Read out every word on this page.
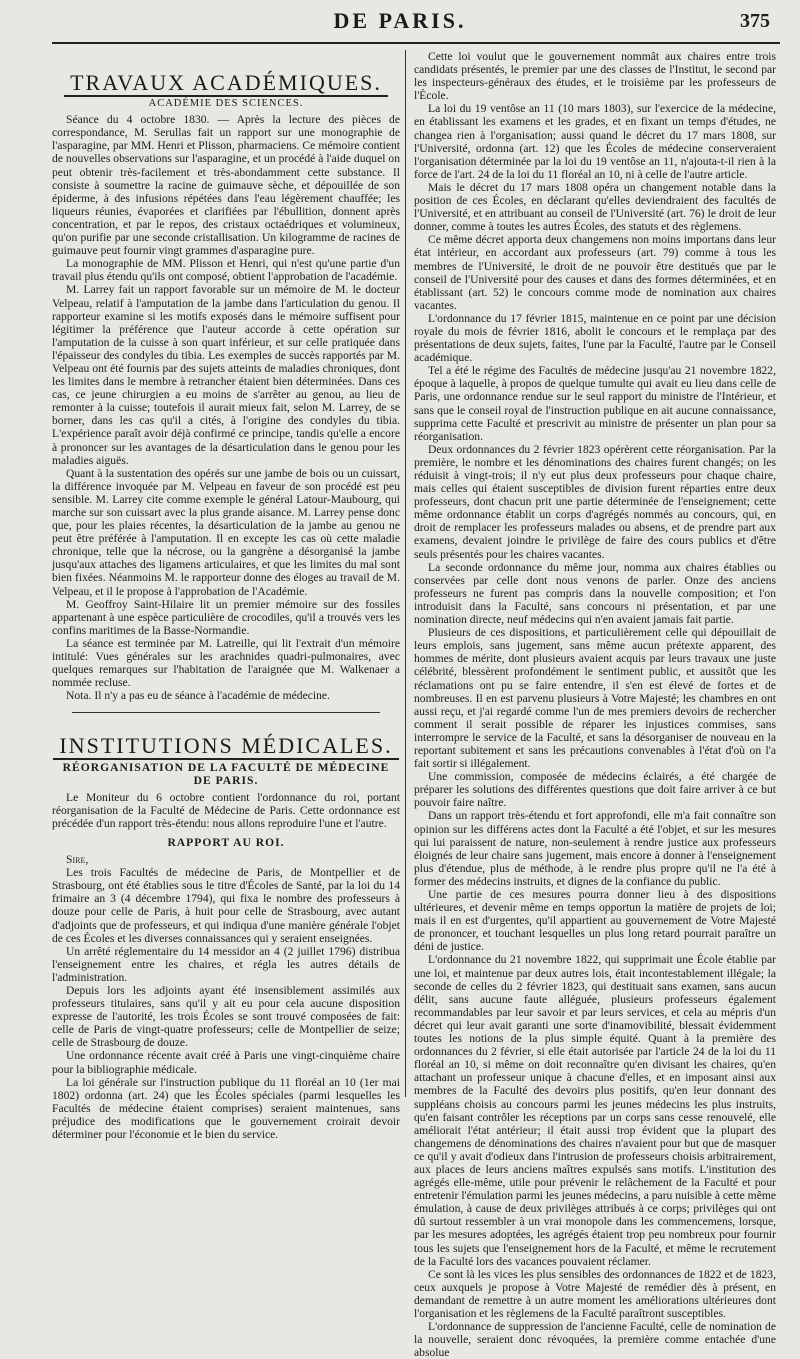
DE PARIS.	375
TRAVAUX ACADÉMIQUES.
ACADÉMIE DES SCIENCES.

Séance du 4 octobre 1830. — Après la lecture des pièces de correspondance, M. Serullas fait un rapport sur une monographie de l'asparagine, par MM. Henri et Plisson, pharmaciens. Ce mémoire contient de nouvelles observations sur l'asparagine, et un procédé à l'aide duquel on peut obtenir très-facilement et très-abondamment cette substance. Il consiste à soumettre la racine de guimauve sèche, et dépouillée de son épiderme, à des infusions répétées dans l'eau légèrement chauffée; les liqueurs réunies, évaporées et clarifiées par l'ébullition, donnent après concentration, et par le repos, des cristaux octaédriques et volumineux, qu'on purifie par une seconde cristallisation. Un kilogramme de racines de guimauve peut fournir vingt grammes d'asparagine pure.

La monographie de MM. Plisson et Henri, qui n'est qu'une partie d'un travail plus étendu qu'ils ont composé, obtient l'approbation de l'académie.

M. Larrey fait un rapport favorable sur un mémoire de M. le docteur Velpeau, relatif à l'amputation de la jambe dans l'articulation du genou. Il rapporteur examine si les motifs exposés dans le mémoire suffisent pour légitimer la préférence que l'auteur accorde à cette opération sur l'amputation de la cuisse à son quart inférieur, et sur celle pratiquée dans l'épaisseur des condyles du tibia. Les exemples de succès rapportés par M. Velpeau ont été fournis par des sujets atteints de maladies chroniques, dont les limites dans le membre à retrancher étaient bien déterminées. Dans ces cas, ce jeune chirurgien a eu moins de s'arrêter au genou, au lieu de remonter à la cuisse; toutefois il aurait mieux fait, selon M. Larrey, de se borner, dans les cas qu'il a cités, à l'origine des condyles du tibia. L'expérience paraît avoir déjà confirmé ce principe, tandis qu'elle a encore à prononcer sur les avantages de la désarticulation dans le genou pour les maladies aiguës.

Quant à la sustentation des opérés sur une jambe de bois ou un cuissart, la différence invoquée par M. Velpeau en faveur de son procédé est peu sensible. M. Larrey cite comme exemple le général Latour-Maubourg, qui marche sur son cuissart avec la plus grande aisance. M. Larrey pense donc que, pour les plaies récentes, la désarticulation de la jambe au genou ne peut être préférée à l'amputation. Il en excepte les cas où cette maladie chronique, telle que la nécrose, ou la gangrène a désorganisé la jambe jusqu'aux attaches des ligamens articulaires, et que les limites du mal sont bien fixées. Néanmoins M. le rapporteur donne des éloges au travail de M. Velpeau, et il le propose à l'approbation de l'Académie.

M. Geoffroy Saint-Hilaire lit un premier mémoire sur des fossiles appartenant à une espèce particulière de crocodiles, qu'il a trouvés vers les confins maritimes de la Basse-Normandie.

La séance est terminée par M. Latreille, qui lit l'extrait d'un mémoire intitulé: Vues générales sur les arachnides quadri-pulmonaires, avec quelques remarques sur l'habitation de l'araignée que M. Walkenaer a nommée recluse.

Nota. Il n'y a pas eu de séance à l'académie de médecine.

INSTITUTIONS MÉDICALES.
RÉORGANISATION DE LA FACULTÉ DE MÉDECINE DE PARIS.

Le Moniteur du 6 octobre contient l'ordonnance du roi, portant réorganisation de la Faculté de Médecine de Paris. Cette ordonnance est précédée d'un rapport très-étendu: nous allons reproduire l'une et l'autre.

RAPPORT AU ROI.

Sire,

Les trois Facultés de médecine de Paris, de Montpellier et de Strasbourg, ont été établies sous le titre d'Écoles de Santé, par la loi du 14 frimaire an 3 (4 décembre 1794), qui fixa le nombre des professeurs à douze pour celle de Paris, à huit pour celle de Strasbourg, avec autant d'adjoints que de professeurs, et qui indiqua d'une manière générale l'objet de ces Écoles et les diverses connaissances qui y seraient enseignées.

Un arrêté réglementaire du 14 messidor an 4 (2 juillet 1796) distribua l'enseignement entre les chaires, et régla les autres détails de l'administration.

Depuis lors les adjoints ayant été insensiblement assimilés aux professeurs titulaires, sans qu'il y ait eu pour cela aucune disposition expresse de l'autorité, les trois Écoles se sont trouvé composées de fait: celle de Paris de vingt-quatre professeurs; celle de Montpellier de seize; celle de Strasbourg de douze.

Une ordonnance récente avait créé à Paris une vingt-cinquième chaire pour la bibliographie médicale.

La loi générale sur l'instruction publique du 11 floréal an 10 (1er mai 1802) ordonna (art. 24) que les Écoles spéciales (parmi lesquelles les Facultés de médecine étaient comprises) seraient maintenues, sans préjudice des modifications que le gouvernement croirait devoir déterminer pour l'économie et le bien du service.

Cette loi voulut que le gouvernement nommât aux chaires entre trois candidats présentés, le premier par une des classes de l'Institut, le second par les inspecteurs-généraux des études, et le troisième par les professeurs de l'École.

La loi du 19 ventôse an 11 (10 mars 1803), sur l'exercice de la médecine, en établissant les examens et les grades, et en fixant un temps d'études, ne changea rien à l'organisation; aussi quand le décret du 17 mars 1808, sur l'Université, ordonna (art. 12) que les Écoles de médecine conserveraient l'organisation déterminée par la loi du 19 ventôse an 11, n'ajouta-t-il rien à la force de l'art. 24 de la loi du 11 floréal an 10, ni à celle de l'autre article.

Mais le décret du 17 mars 1808 opéra un changement notable dans la position de ces Écoles, en déclarant qu'elles deviendraient des facultés de l'Université, et en attribuant au conseil de l'Université (art. 76) le droit de leur donner, comme à toutes les autres Écoles, des statuts et des règlemens.

Ce même décret apporta deux changemens non moins importans dans leur état intérieur, en accordant aux professeurs (art. 79) comme à tous les membres de l'Université, le droit de ne pouvoir être destitués que par le conseil de l'Université pour des causes et dans des formes déterminées, et en établissant (art. 52) le concours comme mode de nomination aux chaires vacantes.

L'ordonnance du 17 février 1815, maintenue en ce point par une décision royale du mois de février 1816, abolit le concours et le remplaça par des présentations de deux sujets, faites, l'une par la Faculté, l'autre par le Conseil académique.

Tel a été le régime des Facultés de médecine jusqu'au 21 novembre 1822, époque à laquelle, à propos de quelque tumulte qui avait eu lieu dans celle de Paris, une ordonnance rendue sur le seul rapport du ministre de l'Intérieur, et sans que le conseil royal de l'instruction publique en ait aucune connaissance, supprima cette Faculté et prescrivit au ministre de présenter un plan pour sa réorganisation.

Deux ordonnances du 2 février 1823 opérèrent cette réorganisation. Par la première, le nombre et les dénominations des chaires furent changés; on les réduisit à vingt-trois; il n'y eut plus deux professeurs pour chaque chaire, mais celles qui étaient susceptibles de division furent réparties entre deux professeurs, dont chacun prit une partie déterminée de l'enseignement; cette même ordonnance établit un corps d'agrégés nommés au concours, qui, en droit de remplacer les professeurs malades ou absens, et de prendre part aux examens, devaient joindre le privilège de faire des cours publics et d'être seuls présentés pour les chaires vacantes.

La seconde ordonnance du même jour, nomma aux chaires établies ou conservées par celle dont nous venons de parler. Onze des anciens professeurs ne furent pas compris dans la nouvelle composition; et l'on introduisit dans la Faculté, sans concours ni présentation, et par une nomination directe, neuf médecins qui n'en avaient jamais fait partie.

Plusieurs de ces dispositions, et particulièrement celle qui dépouillait de leurs emplois, sans jugement, sans même aucun prétexte apparent, des hommes de mérite, dont plusieurs avaient acquis par leurs travaux une juste célébrité, blessèrent profondément le sentiment public, et aussitôt que les réclamations ont pu se faire entendre, il s'en est élevé de fortes et de nombreuses. Il en est parvenu plusieurs à Votre Majesté; les chambres en ont aussi reçu, et j'ai regardé comme l'un de mes premiers devoirs de rechercher comment il serait possible de réparer les injustices commises, sans interrompre le service de la Faculté, et sans la désorganiser de nouveau en la reportant subitement et sans les précautions convenables à l'état d'où on l'a fait sortir si illégalement.

Une commission, composée de médecins éclairés, a été chargée de préparer les solutions des différentes questions que doit faire arriver à ce but pouvoir faire naître.

Dans un rapport très-étendu et fort approfondi, elle m'a fait connaître son opinion sur les différens actes dont la Faculté a été l'objet, et sur les mesures qui lui paraissent de nature, non-seulement à rendre justice aux professeurs éloignés de leur chaire sans jugement, mais encore à donner à l'enseignement plus d'étendue, plus de méthode, à le rendre plus propre qu'il ne l'a été à former des médecins instruits, et dignes de la confiance du public.

Une partie de ces mesures pourra donner lieu à des dispositions ultérieures, et devenir même en temps opportun la matière de projets de loi; mais il en est d'urgentes, qu'il appartient au gouvernement de Votre Majesté de prononcer, et touchant lesquelles un plus long retard pourrait paraître un déni de justice.

L'ordonnance du 21 novembre 1822, qui supprimait une École établie par une loi, et maintenue par deux autres lois, était incontestablement illégale; la seconde de celles du 2 février 1823, qui destituait sans examen, sans aucun délit, sans aucune faute alléguée, plusieurs professeurs également recommandables par leur savoir et par leurs services, et cela au mépris d'un décret qui leur avait garanti une sorte d'inamovibilité, blessait évidemment toutes les notions de la plus simple équité. Quant à la première des ordonnances du 2 février, si elle était autorisée par l'article 24 de la loi du 11 floréal an 10, si même on doit reconnaître qu'en divisant les chaires, qu'en attachant un professeur unique à chacune d'elles, et en imposant ainsi aux membres de la Faculté des devoirs plus positifs, qu'en leur donnant des suppléans choisis au concours parmi les jeunes médecins les plus instruits, qu'en faisant contrôler les réceptions par un corps sans cesse renouvelé, elle améliorait l'état antérieur; il était aussi trop évident que la plupart des changemens de dénominations des chaires n'avaient pour but que de masquer ce qu'il y avait d'odieux dans l'intrusion de professeurs choisis arbitrairement, aux places de leurs anciens maîtres expulsés sans motifs. L'institution des agrégés elle-même, utile pour prévenir le relâchement de la Faculté et pour entretenir l'émulation parmi les jeunes médecins, a paru nuisible à cette même émulation, à cause de deux privilèges attribués à ce corps; privilèges qui ont dû surtout ressembler à un vrai monopole dans les commencemens, lorsque, par les mesures adoptées, les agrégés étaient trop peu nombreux pour fournir tous les sujets que l'enseignement hors de la Faculté, et même le recrutement de la Faculté lors des vacances pouvaient réclamer.

Ce sont là les vices les plus sensibles des ordonnances de 1822 et de 1823, ceux auxquels je propose à Votre Majesté de remédier dès à présent, en demandant de remettre à un autre moment les améliorations ultérieures dont l'organisation et les règlemens de la Faculté paraîtront susceptibles.

L'ordonnance de suppression de l'ancienne Faculté, celle de nomination de la nouvelle, seraient donc révoquées, la première comme entachée d'une absolue
